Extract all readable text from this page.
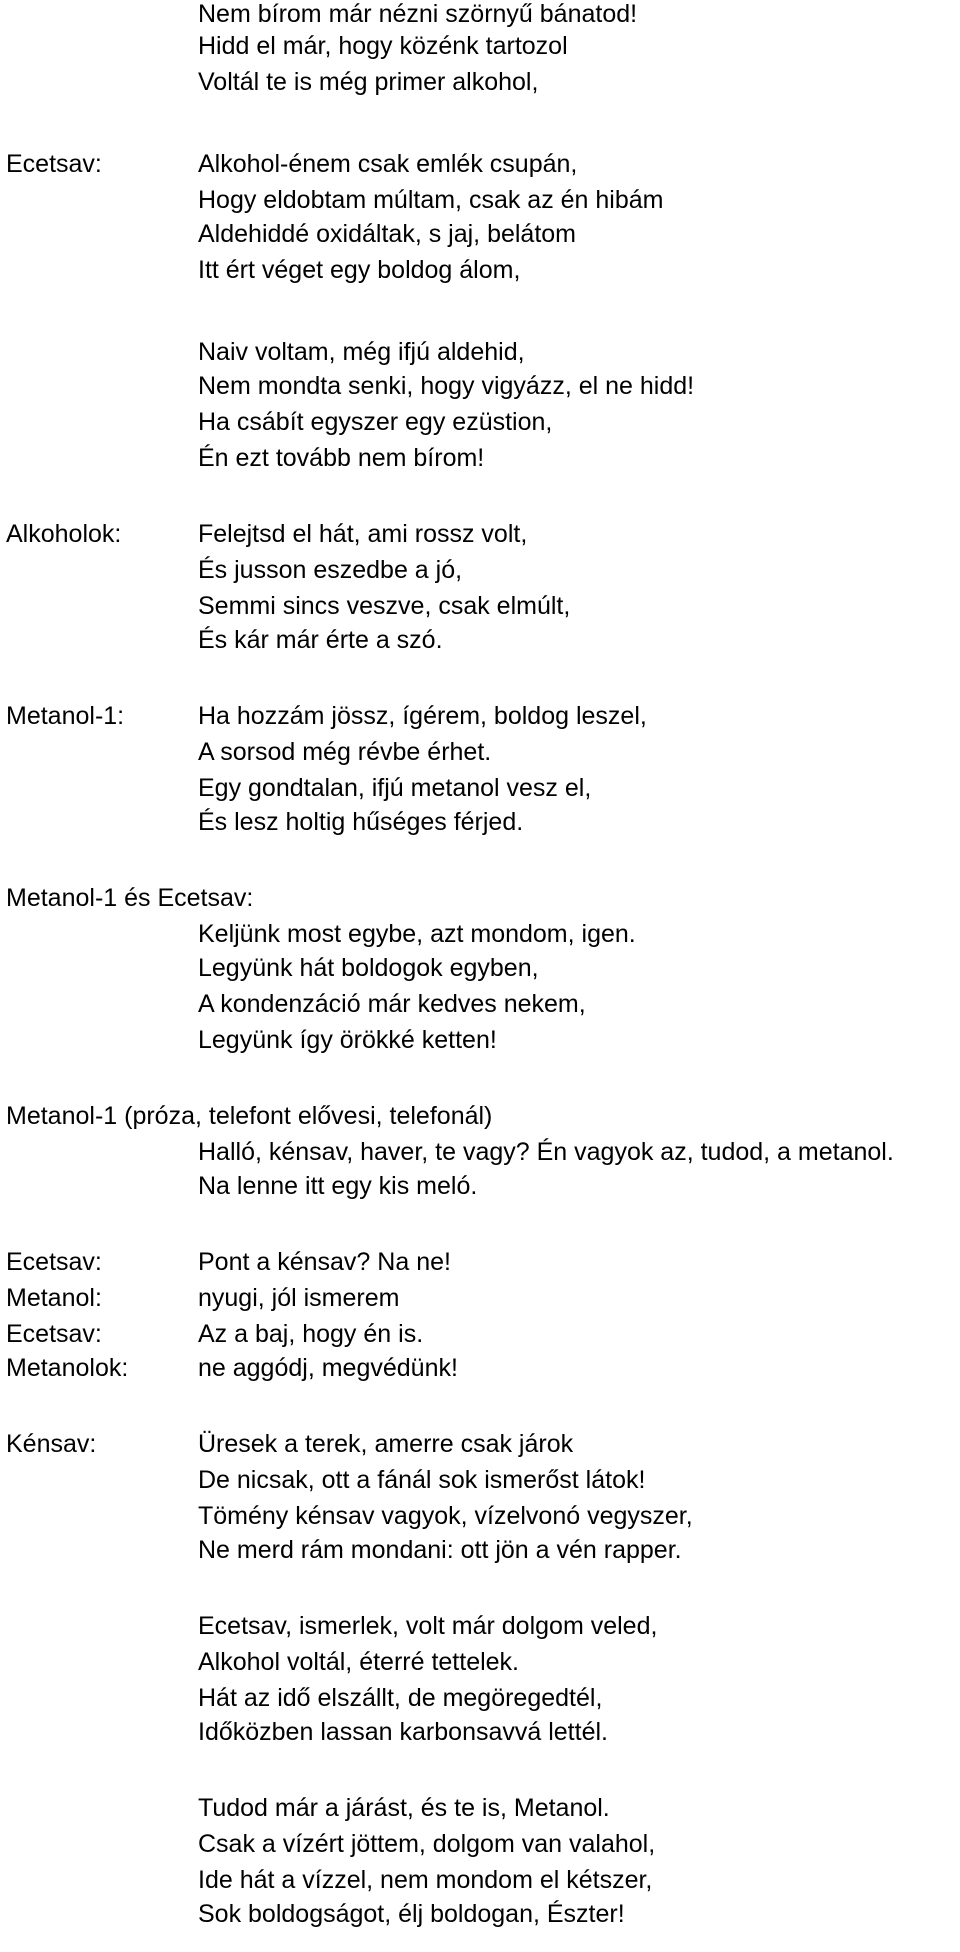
Nem bírom már nézni szörnyű bánatod!
Hidd el már, hogy közénk tartozol
Voltál te is még primer alkohol,
Ecetsav:	Alkohol-énem csak emlék csupán,
Hogy eldobtam múltam, csak az én hibám
Aldehiddé oxidáltak, s jaj, belátom
Itt ért véget egy boldog álom,
Naiv voltam, még ifjú aldehid,
Nem mondta senki, hogy vigyázz, el ne hidd!
Ha csábít egyszer egy ezüstion,
Én ezt tovább nem bírom!
Alkoholok:	Felejtsd el hát, ami rossz volt,
És jusson eszedbe a jó,
Semmi sincs veszve, csak elmúlt,
És kár már érte a szó.
Metanol-1:	Ha hozzám jössz, ígérem, boldog leszel,
A sorsod még révbe érhet.
Egy gondtalan, ifjú metanol vesz el,
És lesz holtig hűséges férjed.
Metanol-1 és Ecetsav:
Keljünk most egybe, azt mondom, igen.
Legyünk hát boldogok egyben,
A kondenzáció már kedves nekem,
Legyünk így örökké ketten!
Metanol-1 (próza, telefont elővesi, telefonál)
Halló, kénsav, haver, te vagy? Én vagyok az, tudod, a metanol.
Na lenne itt egy kis meló.
Ecetsav:	Pont a kénsav? Na ne!
Metanol:	nyugi, jól ismerem
Ecetsav:	Az a baj, hogy én is.
Metanolok:	ne aggódj, megvédünk!
Kénsav:	Üresek a terek, amerre csak járok
De nicsak, ott a fánál sok ismerőst látok!
Tömény kénsav vagyok, vízelvonó vegyszer,
Ne merd rám mondani: ott jön a vén rapper.
Ecetsav, ismerlek, volt már dolgom veled,
Alkohol voltál, éterré tettelek.
Hát az idő elszállt, de megöregedtél,
Időközben lassan karbonsavvá lettél.
Tudod már a járást, és te is, Metanol.
Csak a vízért jöttem, dolgom van valahol,
Ide hát a vízzel, nem mondom el kétszer,
Sok boldogságot, élj boldogan, Észter!
